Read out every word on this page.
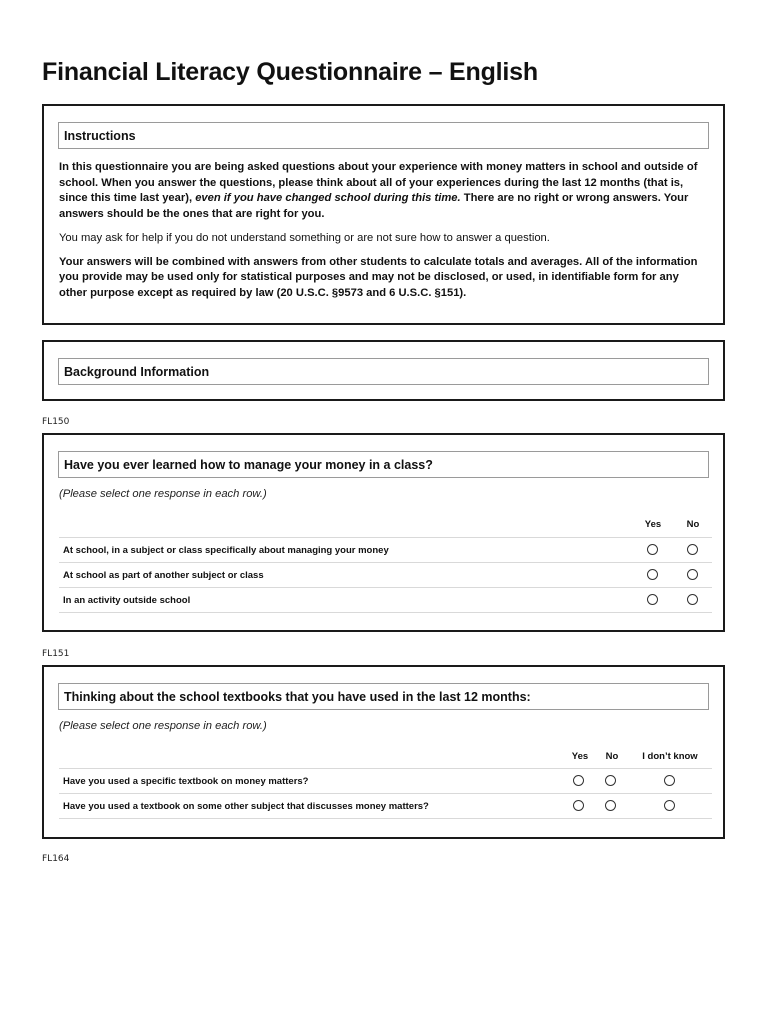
Financial Literacy Questionnaire – English
Instructions

In this questionnaire you are being asked questions about your experience with money matters in school and outside of school. When you answer the questions, please think about all of your experiences during the last 12 months (that is, since this time last year), even if you have changed school during this time. There are no right or wrong answers. Your answers should be the ones that are right for you.

You may ask for help if you do not understand something or are not sure how to answer a question.

Your answers will be combined with answers from other students to calculate totals and averages. All of the information you provide may be used only for statistical purposes and may not be disclosed, or used, in identifiable form for any other purpose except as required by law (20 U.S.C. §9573 and 6 U.S.C. §151).

Background Information
FL150
Have you ever learned how to manage your money in a class?
(Please select one response in each row.)
Yes	No
At school, in a subject or class specifically about managing your money		
At school as part of another subject or class		
In an activity outside school		
FL151
Thinking about the school textbooks that you have used in the last 12 months:
(Please select one response in each row.)
Yes	No	I don’t know
Have you used a specific textbook on money matters?			
Have you used a textbook on some other subject that discusses money matters?			
FL164
